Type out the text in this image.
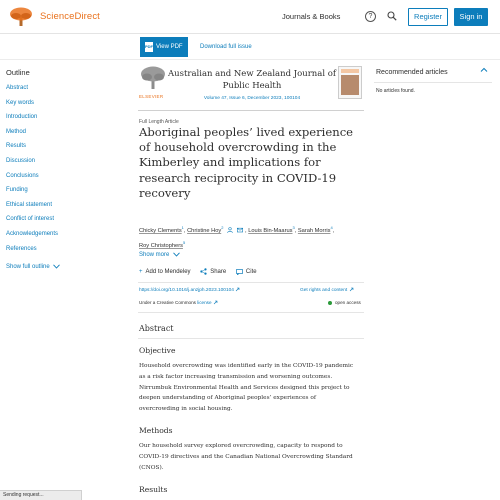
ScienceDirect	Journals & Books	?	Register	Sign in
PDF View PDF	Download full issue
Outline
Abstract
Key words
Introduction
Method
Results
Discussion
Conclusions
Funding
Ethical statement
Conflict of interest
Acknowledgements
References
Show full outline
ELSEVIER
Australian and New Zealand Journal of Public Health
Volume 47, Issue 6, December 2023, 100104
Full Length Article
Aboriginal peoples’ lived experience of household overcrowding in the Kimberley and implications for research reciprocity in COVID-19 recovery
Chicky Clements$^1$, Christine Hoy$^2$ , Louis Bin-Maarus$^3$, Sarah Morris$^4$,
Roy Christophers$^5$
Show more
+ Add to Mendeley	Share	Cite
https://doi.org/10.1016/j.anzjph.2023.100104	Get rights and content
Under a Creative Commons license	open access
Abstract
Objective
Household overcrowding was identified early in the COVID-19 pandemic
as a risk factor increasing transmission and worsening outcomes.
Nirrumbuk Environmental Health and Services designed this project to
deepen understanding of Aboriginal peoples’ experiences of
overcrowding in social housing.
Methods
Our household survey explored overcrowding, capacity to respond to
COVID-19 directives and the Canadian National Overcrowding Standard
(CNOS).
Results
Recommended articles
No articles found.
Sending request...
